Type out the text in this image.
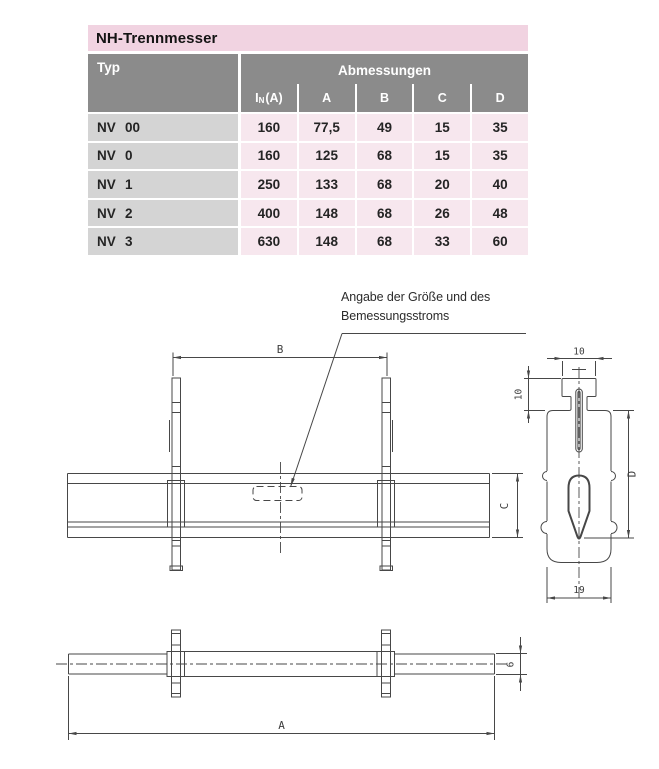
NH-Trennmesser
Typ	Abmessungen
I N (A)	A	B	C	D
NV 00	160	77,5	49	15	35
NV 0	160	125	68	15	35
NV 1	250	133	68	20	40
NV 2	400	148	68	26	48
NV 3	630	148	68	33	60
Angabe der Größe und des
Bemessungsstroms
B
C
10
10
D
19
A
6
